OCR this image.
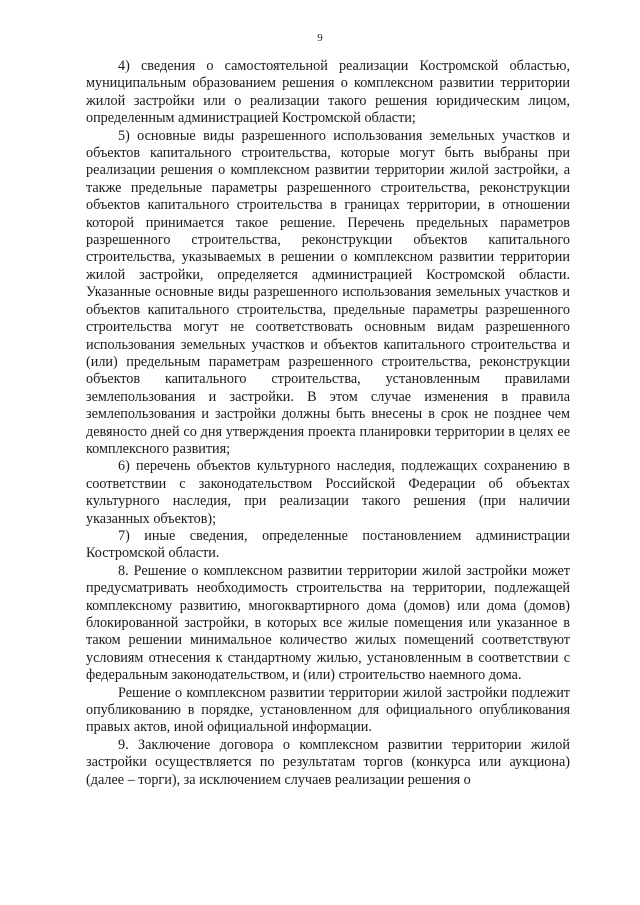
9

4) сведения о самостоятельной реализации Костромской областью, муниципальным образованием решения о комплексном развитии территории жилой застройки или о реализации такого решения юридическим лицом, определенным администрацией Костромской области;

5) основные виды разрешенного использования земельных участков и объектов капитального строительства, которые могут быть выбраны при реализации решения о комплексном развитии территории жилой застройки, а также предельные параметры разрешенного строительства, реконструкции объектов капитального строительства в границах территории, в отношении которой принимается такое решение. Перечень предельных параметров разрешенного строительства, реконструкции объектов капитального строительства, указываемых в решении о комплексном развитии территории жилой застройки, определяется администрацией Костромской области. Указанные основные виды разрешенного использования земельных участков и объектов капитального строительства, предельные параметры разрешенного строительства могут не соответствовать основным видам разрешенного использования земельных участков и объектов капитального строительства и (или) предельным параметрам разрешенного строительства, реконструкции объектов капитального строительства, установленным правилами землепользования и застройки. В этом случае изменения в правила землепользования и застройки должны быть внесены в срок не позднее чем девяносто дней со дня утверждения проекта планировки территории в целях ее комплексного развития;

6) перечень объектов культурного наследия, подлежащих сохранению в соответствии с законодательством Российской Федерации об объектах культурного наследия, при реализации такого решения (при наличии указанных объектов);

7) иные сведения, определенные постановлением администрации Костромской области.

8. Решение о комплексном развитии территории жилой застройки может предусматривать необходимость строительства на территории, подлежащей комплексному развитию, многоквартирного дома (домов) или дома (домов) блокированной застройки, в которых все жилые помещения или указанное в таком решении минимальное количество жилых помещений соответствуют условиям отнесения к стандартному жилью, установленным в соответствии с федеральным законодательством, и (или) строительство наемного дома.

Решение о комплексном развитии территории жилой застройки подлежит опубликованию в порядке, установленном для официального опубликования правых актов, иной официальной информации.

9. Заключение договора о комплексном развитии территории жилой застройки осуществляется по результатам торгов (конкурса или аукциона) (далее – торги), за исключением случаев реализации решения о
